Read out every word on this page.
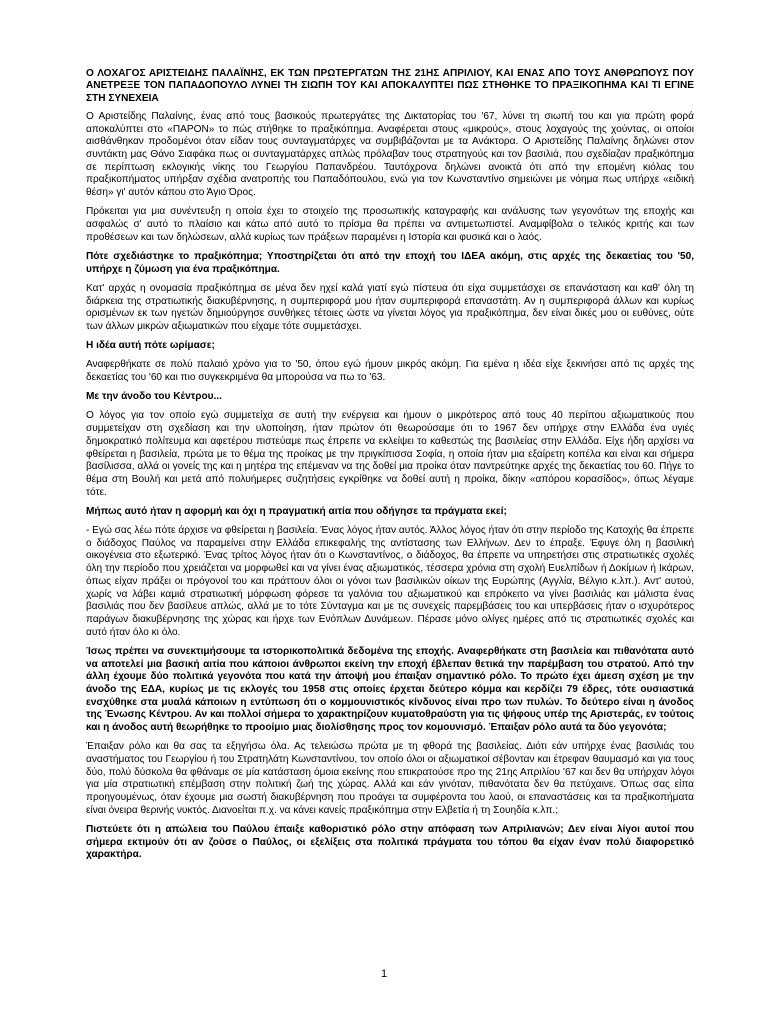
Ο ΛΟΧΑΓΟΣ ΑΡΙΣΤΕΙΔΗΣ ΠΑΛΑΪΝΗΣ, ΕΚ ΤΩΝ ΠΡΩΤΕΡΓΑΤΩΝ ΤΗΣ 21ΗΣ ΑΠΡΙΛΙΟΥ, ΚΑΙ ΕΝΑΣ ΑΠΟ ΤΟΥΣ ΑΝΘΡΩΠΟΥΣ ΠΟΥ ΑΝΕΤΡΕΞΕ ΤΟΝ ΠΑΠΑΔΟΠΟΥΛΟ ΛΥΝΕΙ ΤΗ ΣΙΩΠΗ ΤΟΥ ΚΑΙ ΑΠΟΚΑΛΥΠΤΕΙ ΠΩΣ ΣΤΗΘΗΚΕ ΤΟ ΠΡΑΞΙΚΟΠΗΜΑ ΚΑΙ ΤΙ ΕΓΙΝΕ ΣΤΗ ΣΥΝΕΧΕΙΑ
Ο Αριστείδης Παλαίνης, ένας από τους βασικούς πρωτεργάτες της Δικτατορίας του '67, λύνει τη σιωπή του και για πρώτη φορά αποκαλύπτει στο «ΠΑΡΟΝ» το πώς στήθηκε το πραξικόπημα. Αναφέρεται στους «μικρούς», στους λοχαγούς της χούντας, οι οποίοι αισθάνθηκαν προδομένοι όταν είδαν τους συνταγματάρχες να συμβιβάζονται με τα Ανάκτορα. Ο Αριστείδης Παλαίνης δηλώνει στον συντάκτη μας Θάνο Σιαφάκα πως οι συνταγματάρχες απλώς πρόλαβαν τους στρατηγούς και τον βασιλιά, που σχεδίαζαν πραξικόπημα σε περίπτωση εκλογικής νίκης του Γεωργίου Παπανδρέου. Ταυτόχρονα δηλώνει ανοικτά ότι από την επομένη κιόλας του πραξικοπήματος υπήρξαν σχέδια ανατροπής του Παπαδόπουλου, ενώ για τον Κωνσταντίνο σημειώνει με νόημα πως υπήρχε «ειδική θέση» γι' αυτόν κάπου στο Άγιο Όρος.
Πρόκειται για μια συνέντευξη η οποία έχει το στοιχείο της προσωπικής καταγραφής και ανάλυσης των γεγονότων της εποχής και ασφαλώς σ' αυτό το πλαίσιο και κάτω από αυτό το πρίσμα θα πρέπει να αντιμετωπιστεί. Αναμφίβολα ο τελικός κριτής και των προθέσεων και των δηλώσεων, αλλά κυρίως των πράξεων παραμένει η Ιστορία και φυσικά και ο λαός.
Πότε σχεδιάστηκε το πραξικόπημα; Υποστηρίζεται ότι από την εποχή του ΙΔΕΑ ακόμη, στις αρχές της δεκαετίας του '50, υπήρχε η ζύμωση για ένα πραξικόπημα.
Κατ' αρχάς η ονομασία πραξικόπημα σε μένα δεν ηχεί καλά γιατί εγώ πίστευα ότι είχα συμμετάσχει σε επανάσταση και καθ' όλη τη διάρκεια της στρατιωτικής διακυβέρνησης, η συμπεριφορά μου ήταν συμπεριφορά επαναστάτη. Αν η συμπεριφορά άλλων και κυρίως ορισμένων εκ των ηγετών δημιούργησε συνθήκες τέτοιες ώστε να γίνεται λόγος για πραξικόπημα, δεν είναι δικές μου οι ευθύνες, ούτε των άλλων μικρών αξιωματικών που είχαμε τότε συμμετάσχει.
Η ιδέα αυτή πότε ωρίμασε;
Αναφερθήκατε σε πολύ παλαιό χρόνο για το '50, όπου εγώ ήμουν μικρός ακόμη. Για εμένα η ιδέα είχε ξεκινήσει από τις αρχές της δεκαετίας του '60 και πιο συγκεκριμένα θα μπορούσα να πω το '63.
Με την άνοδο του Κέντρου...
Ο λόγος για τον οποίο εγώ συμμετείχα σε αυτή την ενέργεια και ήμουν ο μικρότερος από τους 40 περίπου αξιωματικούς που συμμετείχαν στη σχεδίαση και την υλοποίηση, ήταν πρώτον ότι θεωρούσαμε ότι το 1967 δεν υπήρχε στην Ελλάδα ένα υγιές δημοκρατικό πολίτευμα και αφετέρου πιστεύαμε πως έπρεπε να εκλείψει το καθεστώς της βασιλείας στην Ελλάδα. Είχε ήδη αρχίσει να φθείρεται η βασιλεία, πρώτα με το θέμα της προίκας με την πριγκίπισσα Σοφία, η οποία ήταν μια εξαίρετη κοπέλα και είναι και σήμερα βασίλισσα, αλλά οι γονείς της και η μητέρα της επέμεναν να της δοθεί μια προίκα όταν παντρεύτηκε αρχές της δεκαετίας του 60. Πήγε το θέμα στη Βουλή και μετά από πολυήμερες συζητήσεις εγκρίθηκε να δοθεί αυτή η προίκα, δίκην «απόρου κορασίδος», όπως λέγαμε τότε.
Μήπως αυτό ήταν η αφορμή και όχι η πραγματική αιτία που οδήγησε τα πράγματα εκεί;
- Εγώ σας λέω πότε άρχισε να φθείρεται η βασιλεία. Ένας λόγος ήταν αυτός. Άλλος λόγος ήταν ότι στην περίοδο της Κατοχής θα έπρεπε ο διάδοχος Παύλος να παραμείνει στην Ελλάδα επικεφαλής της αντίστασης των Ελλήνων. Δεν το έπραξε. Έφυγε όλη η βασιλική οικογένεια στο εξωτερικό. Ένας τρίτος λόγος ήταν ότι ο Κωνσταντίνος, ο διάδοχος, θα έπρεπε να υπηρετήσει στις στρατιωτικές σχολές όλη την περίοδο που χρειάζεται να μορφωθεί και να γίνει ένας αξιωματικός, τέσσερα χρόνια στη σχολή Ευελπίδων ή Δοκίμων ή Ικάρων, όπως είχαν πράξει οι πρόγονοί του και πράττουν όλοι οι γόνοι των βασιλικών οίκων της Ευρώπης (Αγγλία, Βέλγιο κ.λπ.). Αντ' αυτού, χωρίς να λάβει καμιά στρατιωτική μόρφωση φόρεσε τα γαλόνια του αξιωματικού και επρόκειτο να γίνει βασιλιάς και μάλιστα ένας βασιλιάς που δεν βασίλευε απλώς, αλλά με το τότε Σύνταγμα και με τις συνεχείς παρεμβάσεις του και υπερβάσεις ήταν ο ισχυρότερος παράγων διακυβέρνησης της χώρας και ήρχε των Ενόπλων Δυνάμεων. Πέρασε μόνο ολίγες ημέρες από τις στρατιωτικές σχολές και αυτό ήταν όλο κι όλο.
Ίσως πρέπει να συνεκτιμήσουμε τα ιστορικοπολιτικά δεδομένα της εποχής. Αναφερθήκατε στη βασιλεία και πιθανότατα αυτό να αποτελεί μια βασική αιτία που κάποιοι άνθρωποι εκείνη την εποχή έβλεπαν θετικά την παρέμβαση του στρατού. Από την άλλη έχουμε δύο πολιτικά γεγονότα που κατά την άποψή μου έπαιξαν σημαντικό ρόλο. Το πρώτο έχει άμεση σχέση με την άνοδο της ΕΔΑ, κυρίως με τις εκλογές του 1958 στις οποίες έρχεται δεύτερο κόμμα και κερδίζει 79 έδρες, τότε ουσιαστικά ενσχύθηκε στα μυαλά κάποιων η εντύπωση ότι ο κομμουνιστικός κίνδυνος είναι προ των πυλών. Το δεύτερο είναι η άνοδος της Ένωσης Κέντρου. Αν και πολλοί σήμερα το χαρακτηρίζουν κυματοθραύστη για τις ψήφους υπέρ της Αριστεράς, εν τούτοις και η άνοδος αυτή θεωρήθηκε το προοίμιο μιας διολίσθησης προς τον κομουνισμό. Έπαιξαν ρόλο αυτά τα δύο γεγονότα;
Έπαιξαν ρόλο και θα σας τα εξηγήσω όλα. Ας τελειώσω πρώτα με τη φθορά της βασιλείας. Διότι εάν υπήρχε ένας βασιλιάς του αναστήματος του Γεωργίου ή του Στρατηλάτη Κωνσταντίνου, τον οποίο όλοι οι αξιωματικοί σέβονταν και έτρεφαν θαυμασμό και για τους δύο, πολύ δύσκολα θα φθάναμε σε μία κατάσταση όμοια εκείνης που επικρατούσε προ της 21ης Απριλίου '67 και δεν θα υπήρχαν λόγοι για μία στρατιωτική επέμβαση στην πολιτική ζωή της χώρας. Αλλά και εάν γινόταν, πιθανότατα δεν θα πετύχαινε. Όπως σας είπα προηγουμένως, όταν έχουμε μια σωστή διακυβέρνηση που προάγει τα συμφέροντα του λαού, οι επαναστάσεις και τα πραξικοπήματα είναι όνειρα θερινής νυκτός. Διανοείται π.χ. να κάνει κανείς πραξικόπημα στην Ελβετία ή τη Σουηδία κ.λπ.;
Πιστεύετε ότι η απώλεια του Παύλου έπαιξε καθοριστικό ρόλο στην απόφαση των Απριλιανών; Δεν είναι λίγοι αυτοί που σήμερα εκτιμούν ότι αν ζούσε ο Παύλος, οι εξελίξεις στα πολιτικά πράγματα του τόπου θα είχαν έναν πολύ διαφορετικό χαρακτήρα.
1
